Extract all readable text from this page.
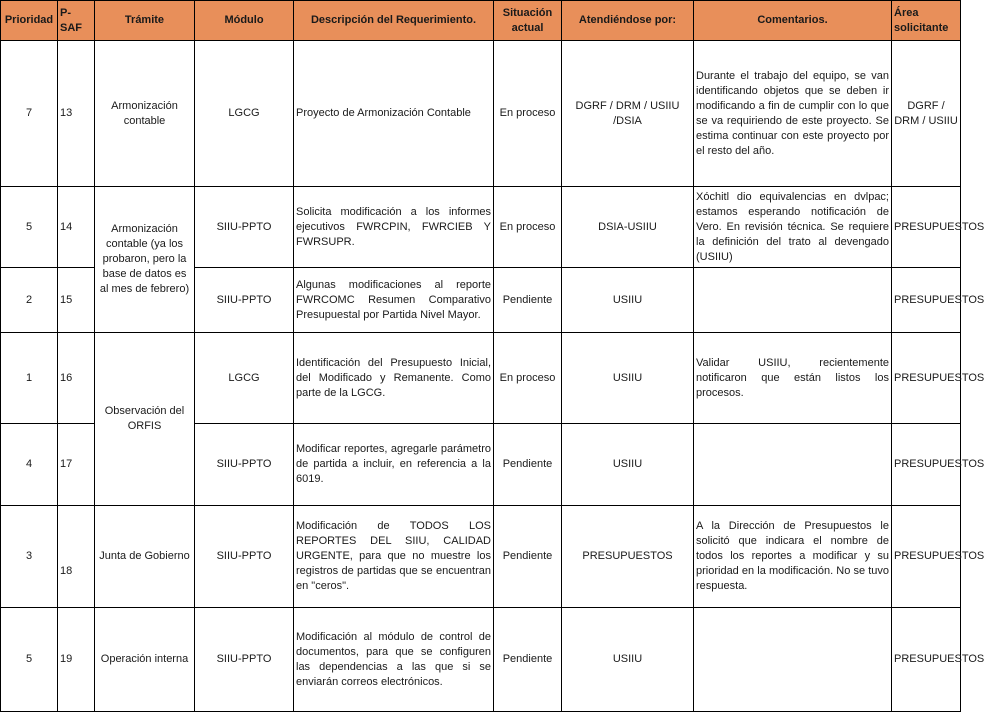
Prioridad	P-SAF	Trámite	Módulo	Descripción del Requerimiento.	Situación actual	Atendiéndose por:	Comentarios.	Área solicitante
7	13	Armonización contable	LGCG	Proyecto de Armonización Contable	En proceso	DGRF / DRM / USIIU /DSIA	Durante el trabajo del equipo, se van identificando objetos que se deben ir modificando a fin de cumplir con lo que se va requiriendo de este proyecto. Se estima continuar con este proyecto por el resto del año.	DGRF / DRM / USIIU
5	14	Armonización contable (ya los probaron, pero la base de datos es al mes de febrero)	SIIU-PPTO	Solicita modificación a los informes ejecutivos FWRCPIN, FWRCIEB Y FWRSUPR.	En proceso	DSIA-USIIU	Xóchitl dio equivalencias en dvlpac; estamos esperando notificación de Vero. En revisión técnica. Se requiere la definición del trato al devengado (USIIU)	PRESUPUESTOS
2	15		SIIU-PPTO	Algunas modificaciones al reporte FWRCOMC Resumen Comparativo Presupuestal por Partida Nivel Mayor.	Pendiente	USIIU		PRESUPUESTOS
1	16	Observación del ORFIS	LGCG	Identificación del Presupuesto Inicial, del Modificado y Remanente. Como parte de la LGCG.	En proceso	USIIU	Validar USIIU, recientemente notificaron que están listos los procesos.	PRESUPUESTOS
4	17		SIIU-PPTO	Modificar reportes, agregarle parámetro de partida a incluir, en referencia a la 6019.	Pendiente	USIIU		PRESUPUESTOS
3	18	Junta de Gobierno	SIIU-PPTO	Modificación de TODOS LOS REPORTES DEL SIIU, CALIDAD URGENTE, para que no muestre los registros de partidas que se encuentran en "ceros".	Pendiente	PRESUPUESTOS	A la Dirección de Presupuestos le solicitó que indicara el nombre de todos los reportes a modificar y su prioridad en la modificación. No se tuvo respuesta.	PRESUPUESTOS
5	19	Operación interna	SIIU-PPTO	Modificación al módulo de control de documentos, para que se configuren las dependencias a las que si se enviarán correos electrónicos.	Pendiente	USIIU		PRESUPUESTOS
